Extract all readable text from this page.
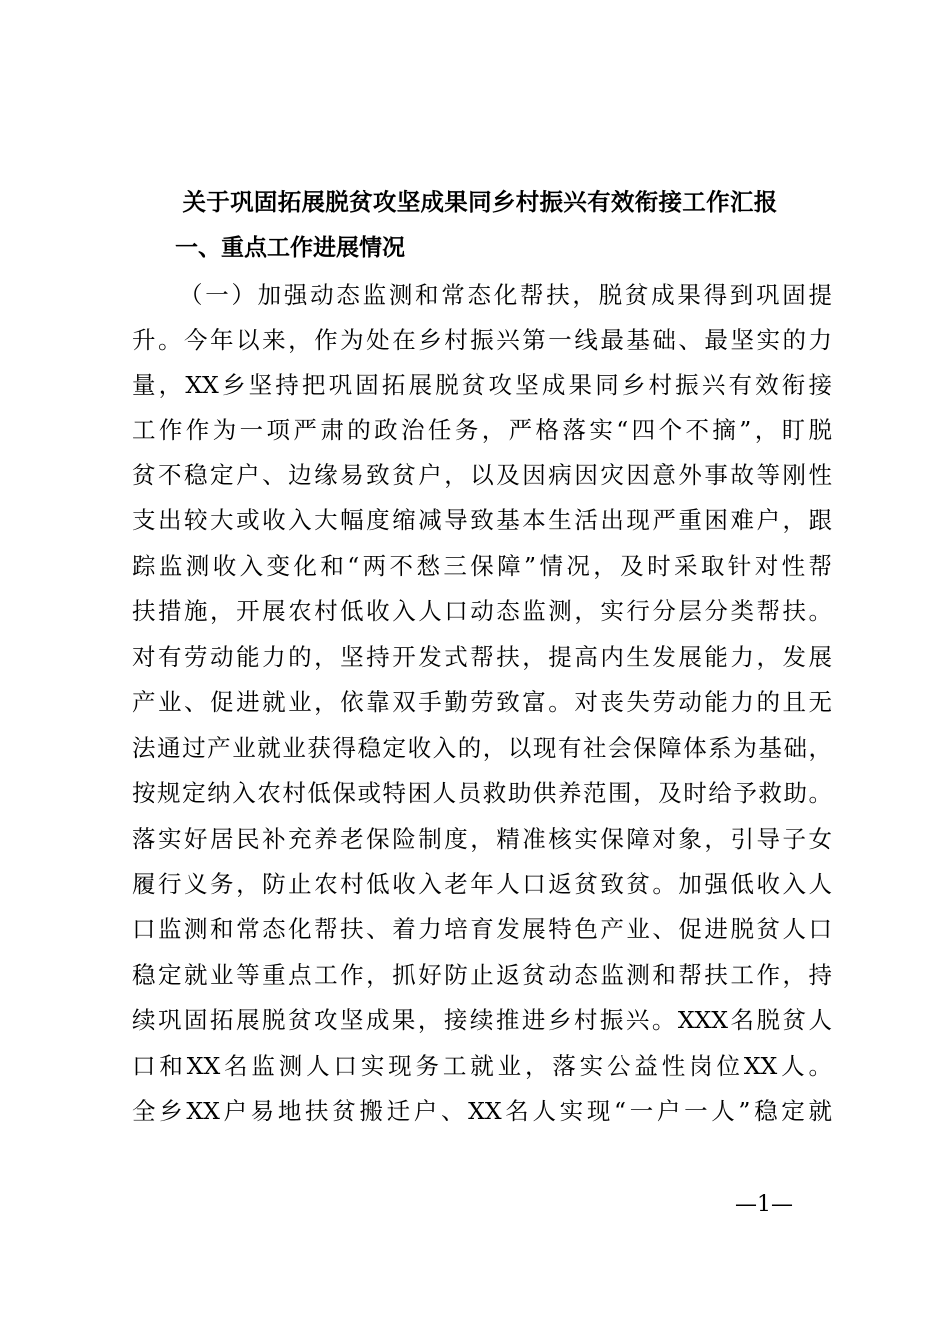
关于巩固拓展脱贫攻坚成果同乡村振兴有效衔接工作汇报
一、重点工作进展情况
（一）加强动态监测和常态化帮扶，脱贫成果得到巩固提
升。今年以来，作为处在乡村振兴第一线最基础、最坚实的力
量，XX乡坚持把巩固拓展脱贫攻坚成果同乡村振兴有效衔接
工作作为一项严肃的政治任务，严格落实“四个不摘”，盯脱
贫不稳定户、边缘易致贫户，以及因病因灾因意外事故等刚性
支出较大或收入大幅度缩减导致基本生活出现严重困难户，跟
踪监测收入变化和“两不愁三保障”情况，及时采取针对性帮
扶措施，开展农村低收入人口动态监测，实行分层分类帮扶。
对有劳动能力的，坚持开发式帮扶，提高内生发展能力，发展
产业、促进就业，依靠双手勤劳致富。对丧失劳动能力的且无
法通过产业就业获得稳定收入的，以现有社会保障体系为基础，
按规定纳入农村低保或特困人员救助供养范围，及时给予救助。
落实好居民补充养老保险制度，精准核实保障对象，引导子女
履行义务，防止农村低收入老年人口返贫致贫。加强低收入人
口监测和常态化帮扶、着力培育发展特色产业、促进脱贫人口
稳定就业等重点工作，抓好防止返贫动态监测和帮扶工作，持
续巩固拓展脱贫攻坚成果，接续推进乡村振兴。XXX名脱贫人
口和XX名监测人口实现务工就业，落实公益性岗位XX人。
全乡XX户易地扶贫搬迁户、XX名人实现“一户一人”稳定就
—1—
